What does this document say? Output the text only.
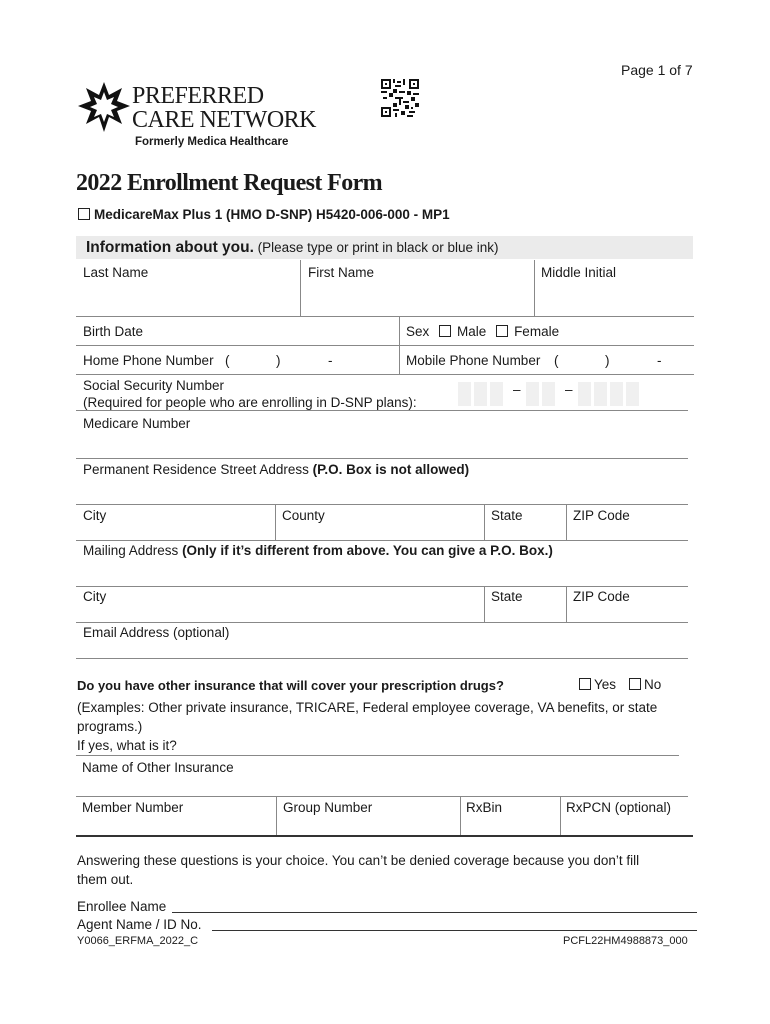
Page 1 of 7
PREFERRED
CARE NETWORK
Formerly Medica Healthcare
2022 Enrollment Request Form
MedicareMax Plus 1 (HMO D-SNP) H5420-006-000 - MP1
Information about you. (Please type or print in black or blue ink)
Last Name	First Name	Middle Initial
Birth Date	Sex Male Female
Home Phone Number (	)	-	Mobile Phone Number (	)	-
Social Security Number
(Required for people who are enrolling in D-SNP plans):
–	–
Medicare Number
Permanent Residence Street Address (P.O. Box is not allowed)
City	County	State	ZIP Code
Mailing Address (Only if it’s different from above. You can give a P.O. Box.)
City	State	ZIP Code
Email Address (optional)
Do you have other insurance that will cover your prescription drugs?	Yes	No
(Examples: Other private insurance, TRICARE, Federal employee coverage, VA benefits, or state
programs.)
If yes, what is it?
Name of Other Insurance
Member Number	Group Number	RxBin	RxPCN (optional)
Answering these questions is your choice. You can’t be denied coverage because you don’t fill
them out.
Enrollee Name
Agent Name / ID No.
Y0066_ERFMA_2022_C	PCFL22HM4988873_000
